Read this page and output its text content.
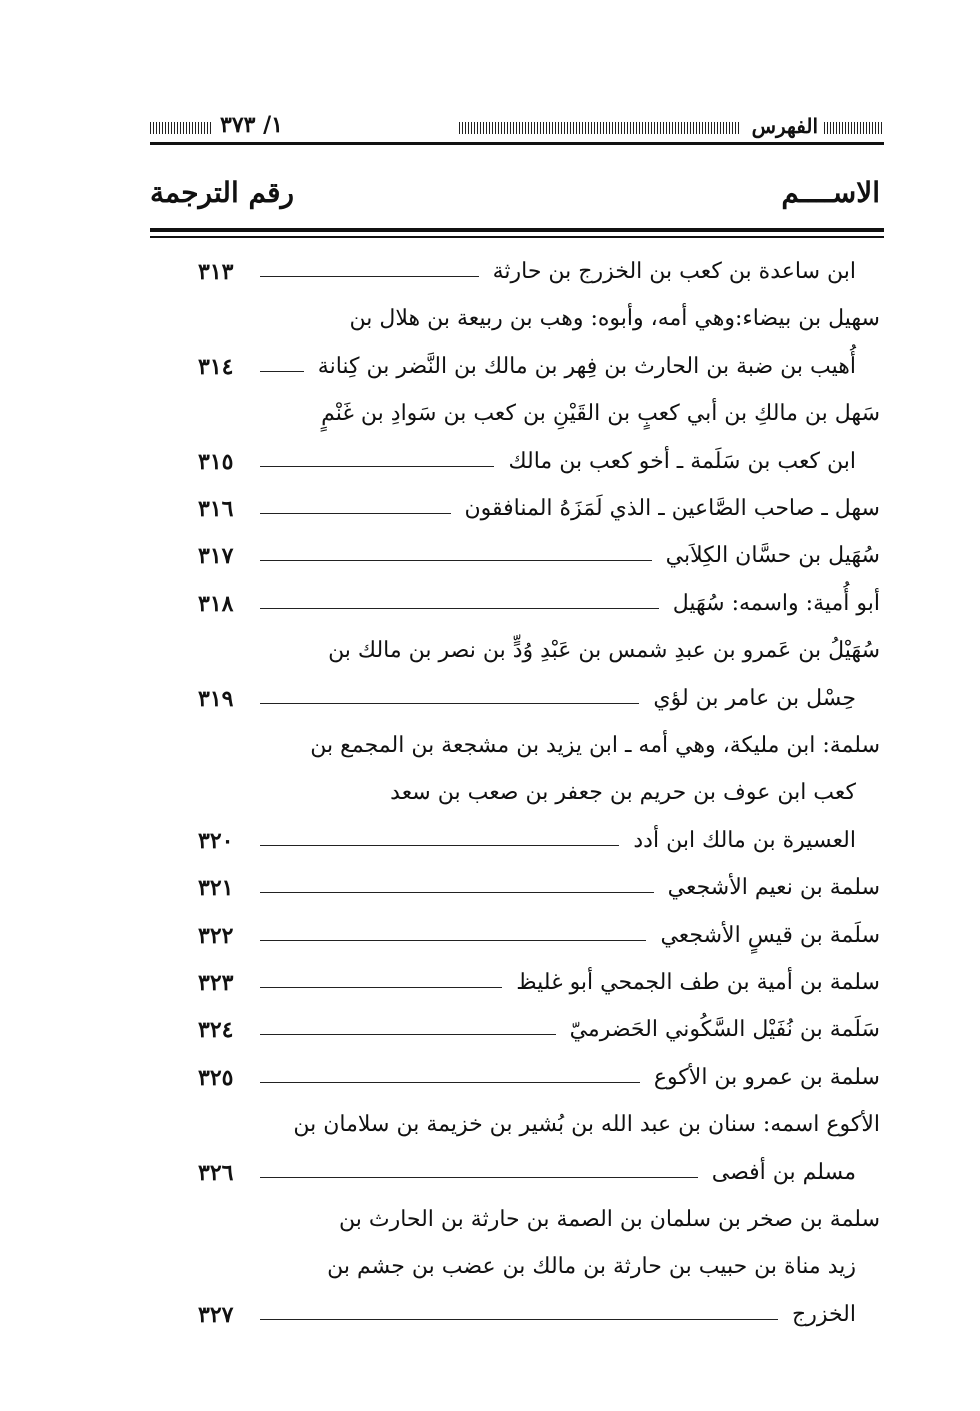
الفهرس
١/ ٣٧٣
الاســــم
رقم الترجمة
ابن ساعدة بن كعب بن الخزرج بن حارثة
٣١٣
سهيل بن بيضاء:وهي أمه، وأبوه: وهب بن ربيعة بن هلال بن
أُهيب بن ضبة بن الحارث بن فِهر بن مالك بن النَّضر بن كِنانة
٣١٤
سَهل بن مالكِ بن أبي كعبٍ بن القَيْنِ بن كعب بن سَوادِ بن غَنْمٍ
ابن كعب بن سَلَمة ـ أخو كعب بن مالك
٣١٥
سهل ـ صاحب الصَّاعين ـ الذي لَمَزَهُ المنافقون
٣١٦
سُهَيل بن حسَّان الكِلاَبي
٣١٧
أبو أُمية: واسمه: سُهَيل
٣١٨
سُهَيْلُ بن عَمرو بن عبدِ شمس بن عَبْدِ وُدٍّ بن نصر بن مالك بن
حِسْل بن عامر بن لؤي
٣١٩
سلمة: ابن مليكة، وهي أمه ـ ابن يزيد بن مشجعة بن المجمع بن
كعب ابن عوف بن حريم بن جعفر بن صعب بن سعد
العسيرة بن مالك ابن أدد
٣٢٠
سلمة بن نعيم الأشجعي
٣٢١
سلَمة بن قيسٍ الأشجعي
٣٢٢
سلمة بن أمية بن طف الجمحي أبو غليظ
٣٢٣
سَلَمة بن نُفَيْل السَّكُوني الحَضرميّ
٣٢٤
سلمة بن عمرو بن الأكوع
٣٢٥
الأكوع اسمه: سنان بن عبد الله بن بُشير بن خزيمة بن سلامان بن
مسلم بن أفصى
٣٢٦
سلمة بن صخر بن سلمان بن الصمة بن حارثة بن الحارث بن
زيد مناة بن حبيب بن حارثة بن مالك بن عضب بن جشم بن
الخزرج
٣٢٧
